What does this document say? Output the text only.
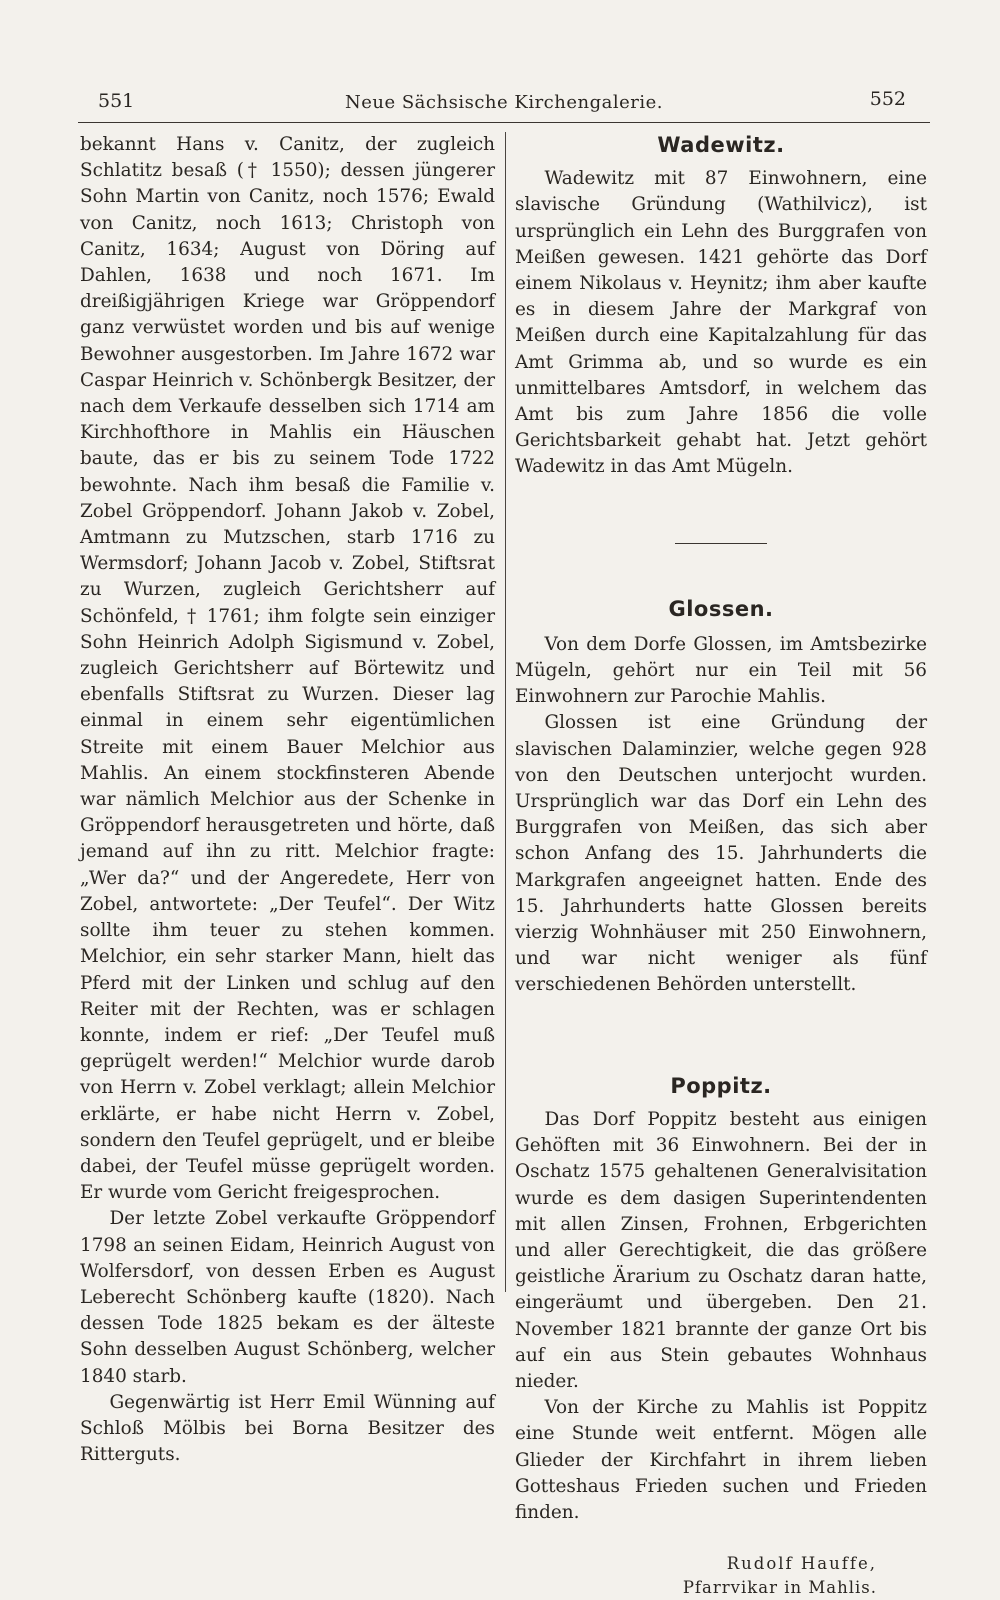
551	Neue Sächsische Kirchengalerie.	552

bekannt Hans v. Canitz, der zugleich Schlatitz besaß († 1550); dessen jüngerer Sohn Martin von Canitz, noch 1576; Ewald von Canitz, noch 1613; Christoph von Canitz, 1634; August von Döring auf Dahlen, 1638 und noch 1671. Im dreißigjährigen Kriege war Gröppendorf ganz verwüstet worden und bis auf wenige Bewohner ausgestorben. Im Jahre 1672 war Caspar Heinrich v. Schönbergk Besitzer, der nach dem Verkaufe desselben sich 1714 am Kirchhofthore in Mahlis ein Häuschen baute, das er bis zu seinem Tode 1722 bewohnte. Nach ihm besaß die Familie v. Zobel Gröppendorf. Johann Jakob v. Zobel, Amtmann zu Mutzschen, starb 1716 zu Wermsdorf; Johann Jacob v. Zobel, Stiftsrat zu Wurzen, zugleich Gerichtsherr auf Schönfeld, † 1761; ihm folgte sein einziger Sohn Heinrich Adolph Sigismund v. Zobel, zugleich Gerichtsherr auf Börtewitz und ebenfalls Stiftsrat zu Wurzen. Dieser lag einmal in einem sehr eigentümlichen Streite mit einem Bauer Melchior aus Mahlis. An einem stockfinsteren Abende war nämlich Melchior aus der Schenke in Gröppendorf herausgetreten und hörte, daß jemand auf ihn zu ritt. Melchior fragte: „Wer da?“ und der Angeredete, Herr von Zobel, antwortete: „Der Teufel“. Der Witz sollte ihm teuer zu stehen kommen. Melchior, ein sehr starker Mann, hielt das Pferd mit der Linken und schlug auf den Reiter mit der Rechten, was er schlagen konnte, indem er rief: „Der Teufel muß geprügelt werden!“ Melchior wurde darob von Herrn v. Zobel verklagt; allein Melchior erklärte, er habe nicht Herrn v. Zobel, sondern den Teufel geprügelt, und er bleibe dabei, der Teufel müsse geprügelt worden. Er wurde vom Gericht freigesprochen.

Der letzte Zobel verkaufte Gröppendorf 1798 an seinen Eidam, Heinrich August von Wolfersdorf, von dessen Erben es August Leberecht Schönberg kaufte (1820). Nach dessen Tode 1825 bekam es der älteste Sohn desselben August Schönberg, welcher 1840 starb.

Gegenwärtig ist Herr Emil Wünning auf Schloß Mölbis bei Borna Besitzer des Ritterguts.

Wadewitz.

Wadewitz mit 87 Einwohnern, eine slavische Gründung (Wathilvicz), ist ursprünglich ein Lehn des Burggrafen von Meißen gewesen. 1421 gehörte das Dorf einem Nikolaus v. Heynitz; ihm aber kaufte es in diesem Jahre der Markgraf von Meißen durch eine Kapitalzahlung für das Amt Grimma ab, und so wurde es ein unmittelbares Amtsdorf, in welchem das Amt bis zum Jahre 1856 die volle Gerichtsbarkeit gehabt hat. Jetzt gehört Wadewitz in das Amt Mügeln.

Glossen.

Von dem Dorfe Glossen, im Amtsbezirke Mügeln, gehört nur ein Teil mit 56 Einwohnern zur Parochie Mahlis.

Glossen ist eine Gründung der slavischen Dalaminzier, welche gegen 928 von den Deutschen unterjocht wurden. Ursprünglich war das Dorf ein Lehn des Burggrafen von Meißen, das sich aber schon Anfang des 15. Jahrhunderts die Markgrafen angeeignet hatten. Ende des 15. Jahrhunderts hatte Glossen bereits vierzig Wohnhäuser mit 250 Einwohnern, und war nicht weniger als fünf verschiedenen Behörden unterstellt.

Poppitz.

Das Dorf Poppitz besteht aus einigen Gehöften mit 36 Einwohnern. Bei der in Oschatz 1575 gehaltenen Generalvisitation wurde es dem dasigen Superintendenten mit allen Zinsen, Frohnen, Erbgerichten und aller Gerechtigkeit, die das größere geistliche Ärarium zu Oschatz daran hatte, eingeräumt und übergeben. Den 21. November 1821 brannte der ganze Ort bis auf ein aus Stein gebautes Wohnhaus nieder.

Von der Kirche zu Mahlis ist Poppitz eine Stunde weit entfernt. Mögen alle Glieder der Kirchfahrt in ihrem lieben Gotteshaus Frieden suchen und Frieden finden.

Rudolf Hauffe,
Pfarrvikar in Mahlis.
